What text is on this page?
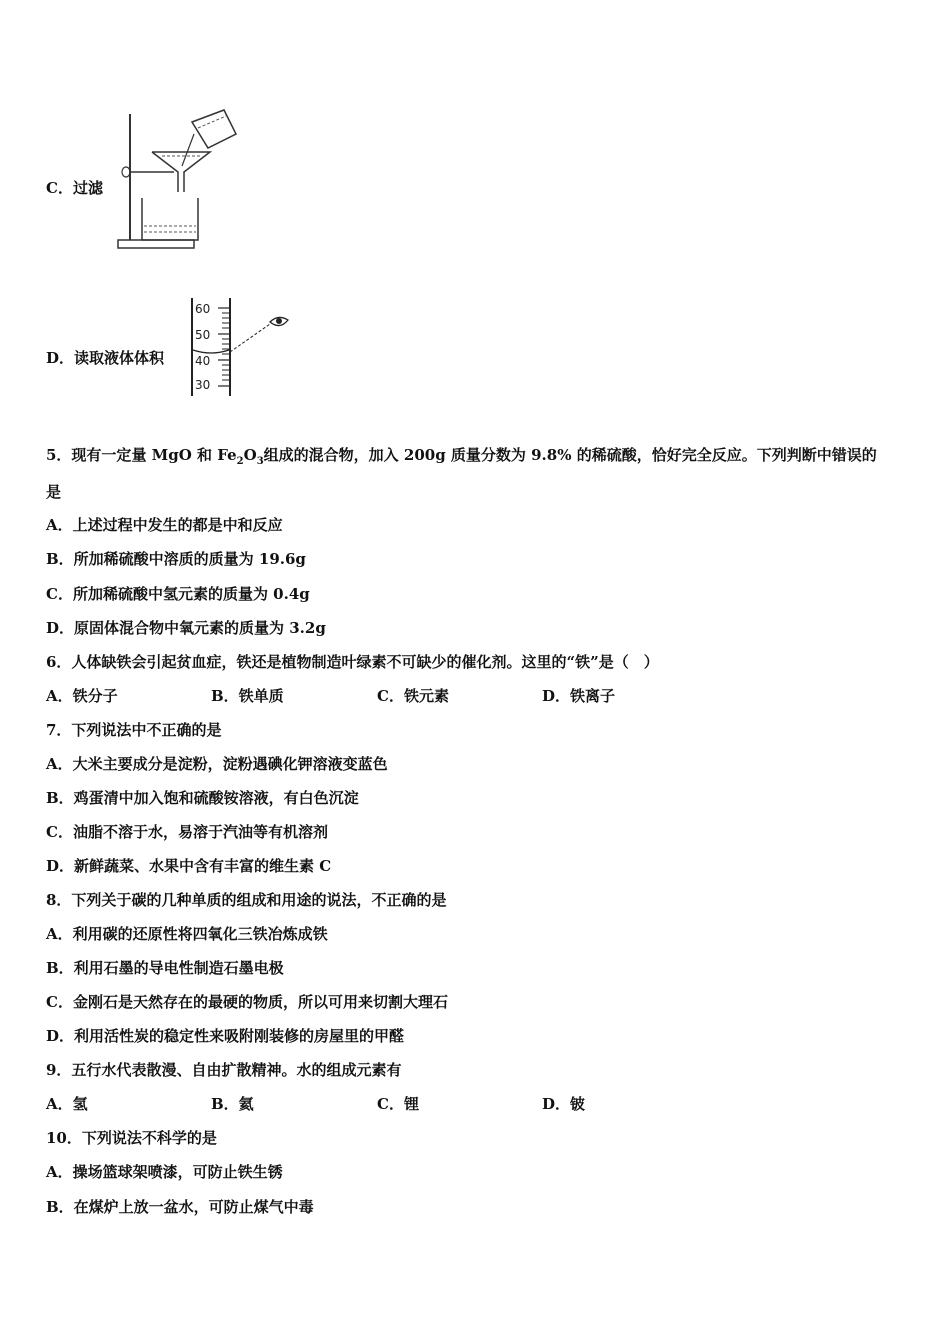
C．过滤
D．读取液体体积
60
50
40
30
5．现有一定量 MgO 和 $Fe_2O_3$组成的混合物，加入 200g 质量分数为 9.8% 的稀硫酸，恰好完全反应。下列判断中错误的
是
A．上述过程中发生的都是中和反应
B．所加稀硫酸中溶质的质量为 19.6g
C．所加稀硫酸中氢元素的质量为 0.4g
D．原固体混合物中氧元素的质量为 3.2g
6．人体缺铁会引起贫血症，铁还是植物制造叶绿素不可缺少的催化剂。这里的“铁”是（　）
A．铁分子	B．铁单质	C．铁元素	D．铁离子
7．下列说法中不正确的是
A．大米主要成分是淀粉，淀粉遇碘化钾溶液变蓝色
B．鸡蛋清中加入饱和硫酸铵溶液，有白色沉淀
C．油脂不溶于水，易溶于汽油等有机溶剂
D．新鲜蔬菜、水果中含有丰富的维生素 C
8．下列关于碳的几种单质的组成和用途的说法，不正确的是
A．利用碳的还原性将四氧化三铁冶炼成铁
B．利用石墨的导电性制造石墨电极
C．金刚石是天然存在的最硬的物质，所以可用来切割大理石
D．利用活性炭的稳定性来吸附刚装修的房屋里的甲醛
9．五行水代表散漫、自由扩散精神。水的组成元素有
A．氢	B．氦	C．锂	D．铍
10．下列说法不科学的是
A．操场篮球架喷漆，可防止铁生锈
B．在煤炉上放一盆水，可防止煤气中毒
